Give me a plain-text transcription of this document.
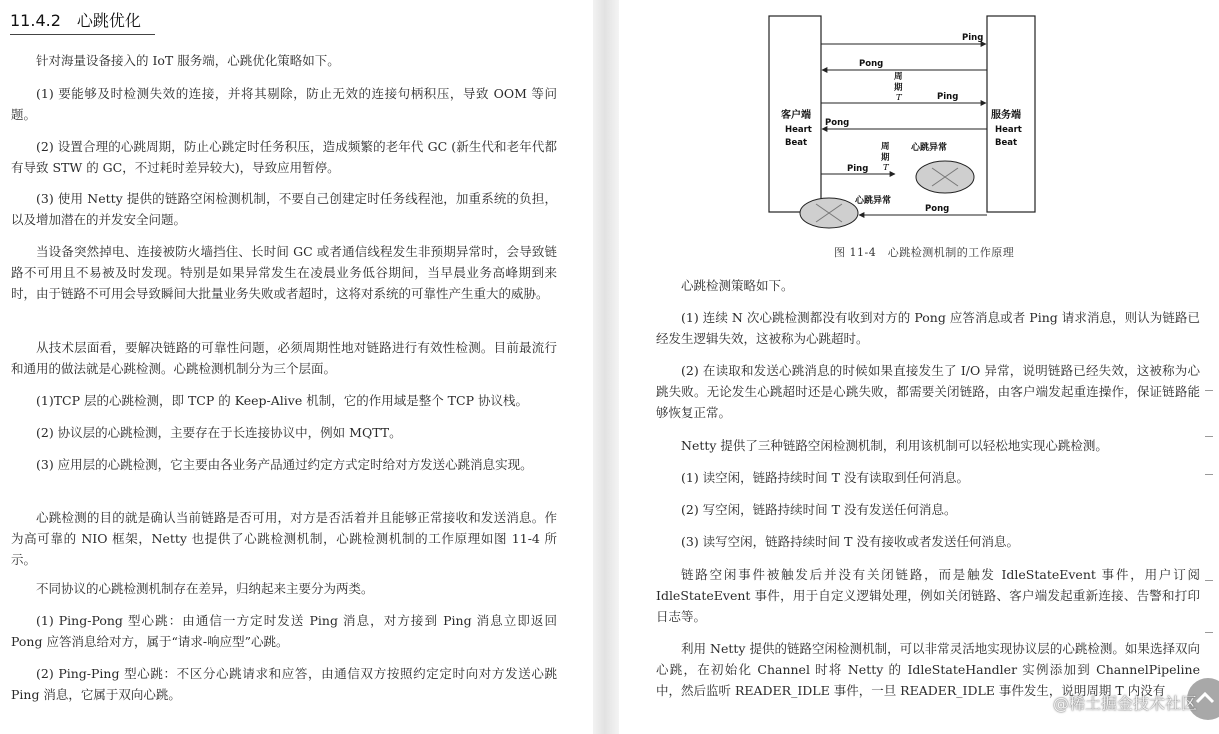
11.4.2　心跳优化
针对海量设备接入的 IoT 服务端，心跳优化策略如下。
(1) 要能够及时检测失效的连接，并将其剔除，防止无效的连接句柄积压，导致 OOM 等问题。
(2) 设置合理的心跳周期，防止心跳定时任务积压，造成频繁的老年代 GC (新生代和老年代都有导致 STW 的 GC，不过耗时差异较大)，导致应用暂停。
(3) 使用 Netty 提供的链路空闲检测机制，不要自己创建定时任务线程池，加重系统的负担，以及增加潜在的并发安全问题。
当设备突然掉电、连接被防火墙挡住、长时间 GC 或者通信线程发生非预期异常时，会导致链路不可用且不易被及时发现。特别是如果异常发生在凌晨业务低谷期间，当早晨业务高峰期到来时，由于链路不可用会导致瞬间大批量业务失败或者超时，这将对系统的可靠性产生重大的威胁。
从技术层面看，要解决链路的可靠性问题，必须周期性地对链路进行有效性检测。目前最流行和通用的做法就是心跳检测。心跳检测机制分为三个层面。
(1)TCP 层的心跳检测，即 TCP 的 Keep-Alive 机制，它的作用域是整个 TCP 协议栈。
(2) 协议层的心跳检测，主要存在于长连接协议中，例如 MQTT。
(3) 应用层的心跳检测，它主要由各业务产品通过约定方式定时给对方发送心跳消息实现。
心跳检测的目的就是确认当前链路是否可用，对方是否活着并且能够正常接收和发送消息。作为高可靠的 NIO 框架，Netty 也提供了心跳检测机制，心跳检测机制的工作原理如图 11-4 所示。
不同协议的心跳检测机制存在差异，归纳起来主要分为两类。
(1) Ping-Pong 型心跳：由通信一方定时发送 Ping 消息，对方接到 Ping 消息立即返回 Pong 应答消息给对方，属于“请求-响应型”心跳。
(2) Ping-Ping 型心跳：不区分心跳请求和应答，由通信双方按照约定定时向对方发送心跳 Ping 消息，它属于双向心跳。
客户端
Heart
Beat
服务端
Heart
Beat
Ping
Pong
周
期
T	Ping
Pong
周
期
T
Ping
心跳异常
Pong
心跳异常
图 11-4　心跳检测机制的工作原理
心跳检测策略如下。
(1) 连续 N 次心跳检测都没有收到对方的 Pong 应答消息或者 Ping 请求消息，则认为链路已经发生逻辑失效，这被称为心跳超时。
(2) 在读取和发送心跳消息的时候如果直接发生了 I/O 异常，说明链路已经失效，这被称为心跳失败。无论发生心跳超时还是心跳失败，都需要关闭链路，由客户端发起重连操作，保证链路能够恢复正常。
Netty 提供了三种链路空闲检测机制，利用该机制可以轻松地实现心跳检测。
(1) 读空闲，链路持续时间 T 没有读取到任何消息。
(2) 写空闲，链路持续时间 T 没有发送任何消息。
(3) 读写空闲，链路持续时间 T 没有接收或者发送任何消息。
链路空闲事件被触发后并没有关闭链路，而是触发 IdleStateEvent 事件，用户订阅 IdleStateEvent 事件，用于自定义逻辑处理，例如关闭链路、客户端发起重新连接、告警和打印日志等。
利用 Netty 提供的链路空闲检测机制，可以非常灵活地实现协议层的心跳检测。如果选择双向心跳，在初始化 Channel 时将 Netty 的 IdleStateHandler 实例添加到 ChannelPipeline 中，然后监听 READER_IDLE 事件，一旦 READER_IDLE 事件发生，说明周期 T 内没有
@稀土掘金技术社区
